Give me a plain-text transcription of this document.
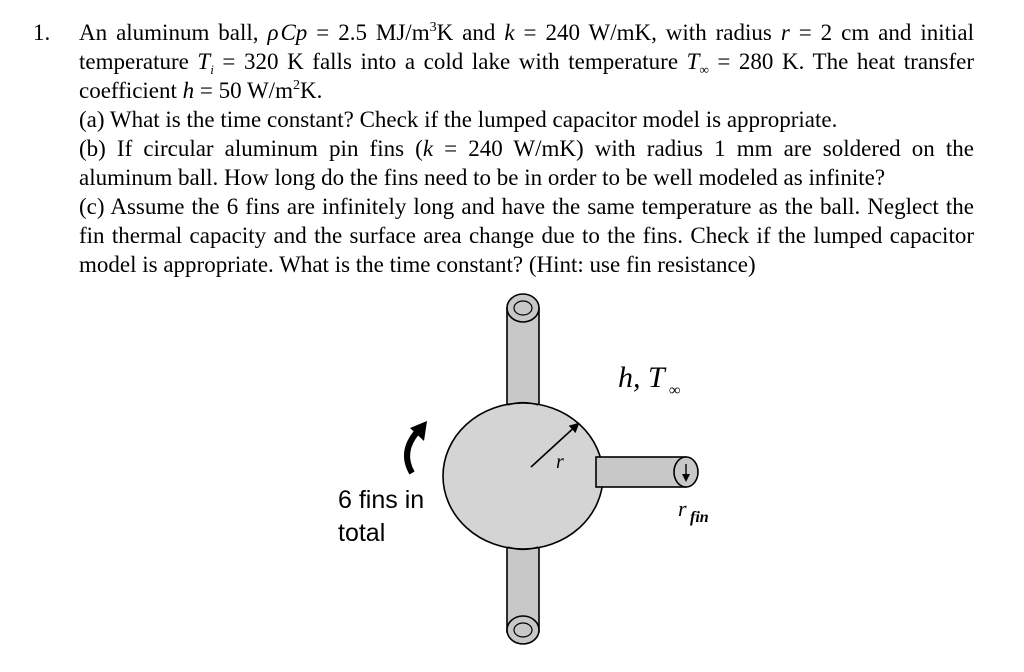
1. An aluminum ball, ρ Cp = 2.5 $MJ/m^3K$ and k = 240 W/mK, with radius r = 2 cm and initial temperature $T_i = 320$ K falls into a cold lake with temperature $T_\infty = 280$ K. The heat transfer coefficient h = 50 $W/m^2K$.

(a) What is the time constant? Check if the lumped capacitor model is appropriate.

(b) If circular aluminum pin fins (k = 240 W/mK) with radius 1 mm are soldered on the aluminum ball. How long do the fins need to be in order to be well modeled as infinite?

(c) Assume the 6 fins are infinitely long and have the same temperature as the ball. Neglect the fin thermal capacity and the surface area change due to the fins. Check if the lumped capacitor model is appropriate. What is the time constant? (Hint: use fin resistance)

r
h, T ∞
r fin
6 fins in
total
